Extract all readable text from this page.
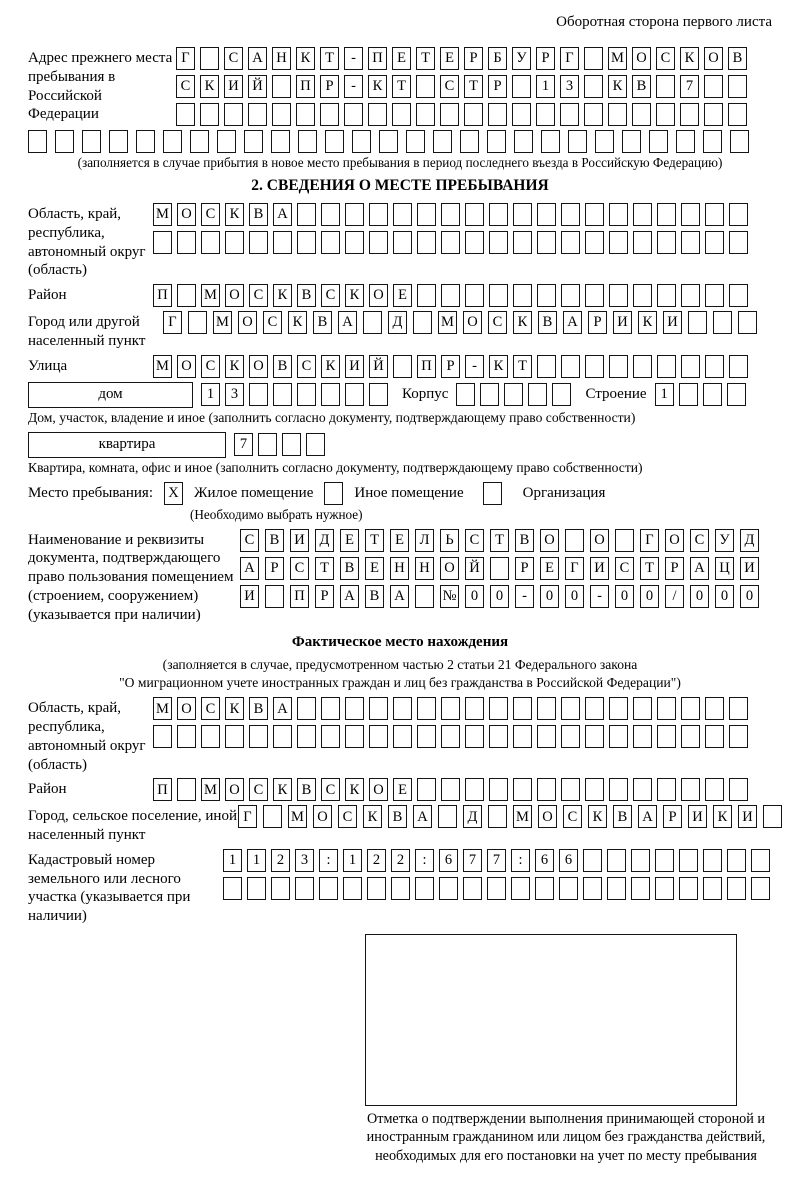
Оборотная сторона первого листа
Адрес прежнего места пребывания в Российской Федерации
Г	С А Н К	Т	-	П Е	Т	Е	Р	Б	У	Р	Г	М О С К О В
С К И Й	П	Р	-	К	Т	С	Т	Р	1	3	К В	7
(заполняется в случае прибытия в новое место пребывания в период последнего въезда в Российскую Федерацию)
2. СВЕДЕНИЯ О МЕСТЕ ПРЕБЫВАНИЯ
Область, край, республика, автономный округ (область)
М О С К В А
Район	П	М О С К В С К О Е
Город или другой населенный пункт
Г	М О	С	К	В	А	Д	М О	С	К	В	А	Р	И	К	И
Улица	М О С К О В С К И Й	П	Р	-	К	Т
дом	1	3	Корпус	Строение 1
Дом, участок, владение и иное (заполнить согласно документу, подтверждающему право собственности)
квартира	7
Квартира, комната, офис и иное (заполнить согласно документу, подтверждающему право собственности)
Место пребывания: X Жилое помещение	Иное помещение	Организация
(Необходимо выбрать нужное)
Наименование и реквизиты документа, подтверждающего право пользования помещением (строением, сооружением) (указывается при наличии)
С	В	И	Д	Е	Т	Е	Л	Ь	С	Т	В	О	О	Г	О	С	У	Д
А	Р	С	Т	В	Е	Н Н О Й	Р	Е	Г	И	С	Т	Р	А Ц И
И	П	Р	А	В	А	№ 0	0	-	0	0	-	0	0	/	0	0	0
Фактическое место нахождения
(заполняется в случае, предусмотренном частью 2 статьи 21 Федерального закона
"О миграционном учете иностранных граждан и лиц без гражданства в Российской Федерации")
Область, край, республика, автономный округ (область)
М О С К В А
Район	П	М О С К В С К О Е
Город, сельское поселение, иной населенный пункт
Г	М О	С	К	В	А	Д	М О	С	К	В	А	Р	И	К	И
Кадастровый номер земельного или лесного участка (указывается при наличии)
1	1	2	3	:	1	2	2	:	6	7	7	:	6	6
Отметка о подтверждении выполнения принимающей стороной и иностранным гражданином или лицом без гражданства действий, необходимых для его постановки на учет по месту пребывания
